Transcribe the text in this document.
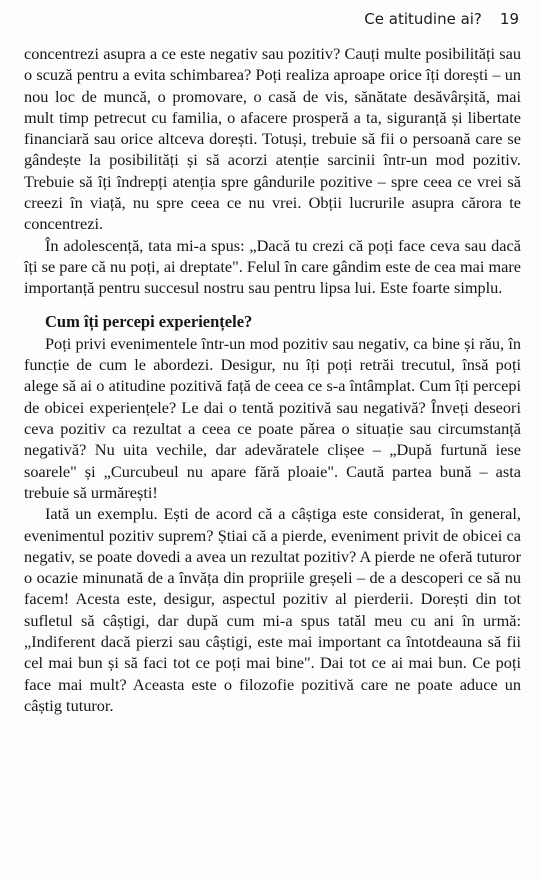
Ce atitudine ai? 19

concentrezi asupra a ce este negativ sau pozitiv? Cauți multe posibilități sau o scuză pentru a evita schimbarea? Poți realiza aproape orice îți dorești – un nou loc de muncă, o promovare, o casă de vis, sănătate desăvârșită, mai mult timp petrecut cu familia, o afacere prosperă a ta, siguranță și libertate financiară sau orice altceva dorești. Totuși, trebuie să fii o persoană care se gândește la posibilități și să acorzi atenție sarcinii într-un mod pozitiv. Trebuie să îți îndrepți atenția spre gândurile pozitive – spre ceea ce vrei să creezi în viață, nu spre ceea ce nu vrei. Obții lucrurile asupra cărora te concentrezi.

În adolescență, tata mi-a spus: „Dacă tu crezi că poți face ceva sau dacă îți se pare că nu poți, ai dreptate". Felul în care gândim este de cea mai mare importanță pentru succesul nostru sau pentru lipsa lui. Este foarte simplu.

Cum îți percepi experiențele?

Poți privi evenimentele într-un mod pozitiv sau negativ, ca bine și rău, în funcție de cum le abordezi. Desigur, nu îți poți retrăi trecutul, însă poți alege să ai o atitudine pozitivă față de ceea ce s-a întâmplat. Cum îți percepi de obicei experiențele? Le dai o tentă pozitivă sau negativă? Înveți deseori ceva pozitiv ca rezultat a ceea ce poate părea o situație sau circumstanță negativă? Nu uita vechile, dar adevăratele clișee – „După furtună iese soarele" și „Curcubeul nu apare fără ploaie". Caută partea bună – asta trebuie să urmărești!

Iată un exemplu. Ești de acord că a câștiga este considerat, în general, evenimentul pozitiv suprem? Știai că a pierde, eveniment privit de obicei ca negativ, se poate dovedi a avea un rezultat pozitiv? A pierde ne oferă tuturor o ocazie minunată de a învăța din propriile greșeli – de a descoperi ce să nu facem! Acesta este, desigur, aspectul pozitiv al pierderii. Dorești din tot sufletul să câștigi, dar după cum mi-a spus tatăl meu cu ani în urmă: „Indiferent dacă pierzi sau câștigi, este mai important ca întotdeauna să fii cel mai bun și să faci tot ce poți mai bine". Dai tot ce ai mai bun. Ce poți face mai mult? Aceasta este o filozofie pozitivă care ne poate aduce un câștig tuturor.
